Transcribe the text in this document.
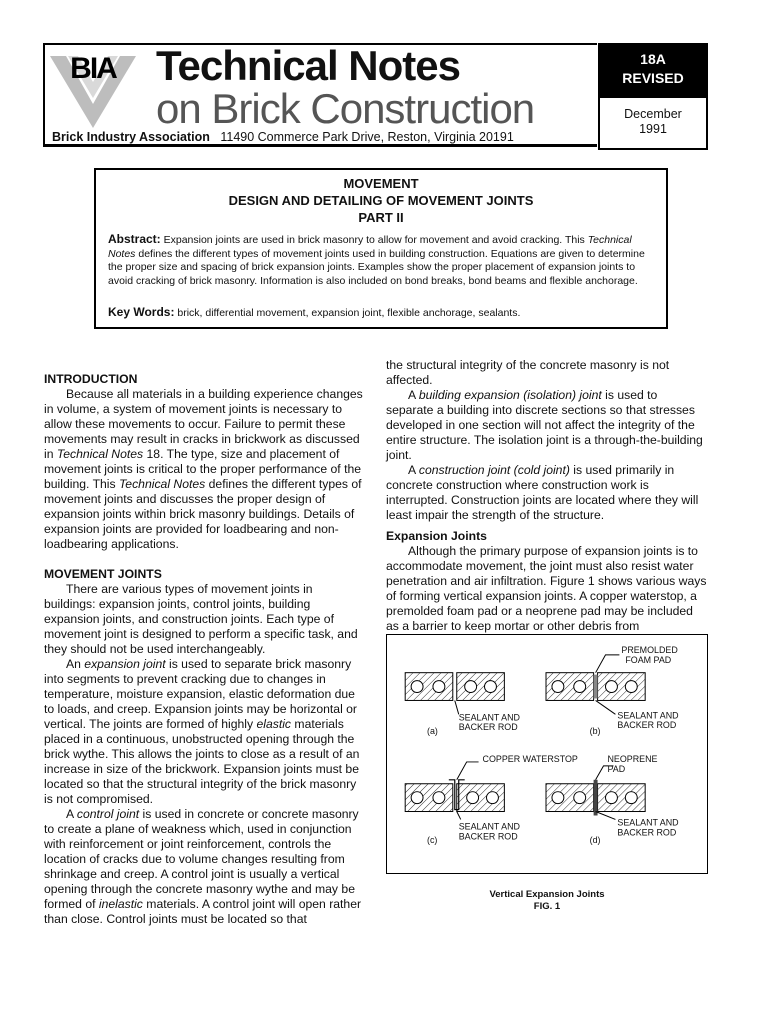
BIA Technical Notes
on Brick Construction
Brick Industry Association 11490 Commerce Park Drive, Reston, Virginia 20191
18A
REVISED
December
1991
MOVEMENT
DESIGN AND DETAILING OF MOVEMENT JOINTS
PART II
Abstract: Expansion joints are used in brick masonry to allow for movement and avoid cracking. This Technical Notes defines the different types of movement joints used in building construction. Equations are given to determine the proper size and spacing of brick expansion joints. Examples show the proper placement of expansion joints to avoid cracking of brick masonry. Information is also included on bond breaks, bond beams and flexible anchorage.
Key Words: brick, differential movement, expansion joint, flexible anchorage, sealants.
INTRODUCTION

Because all materials in a building experience changes in volume, a system of movement joints is necessary to allow these movements to occur. Failure to permit these movements may result in cracks in brickwork as discussed in Technical Notes 18. The type, size and placement of movement joints is critical to the proper performance of the building. This Technical Notes defines the different types of movement joints and discusses the proper design of expansion joints within brick masonry buildings. Details of expansion joints are provided for loadbearing and non-loadbearing applications.

MOVEMENT JOINTS

There are various types of movement joints in buildings: expansion joints, control joints, building expansion joints, and construction joints. Each type of movement joint is designed to perform a specific task, and they should not be used interchangeably.

An expansion joint is used to separate brick masonry into segments to prevent cracking due to changes in temperature, moisture expansion, elastic deformation due to loads, and creep. Expansion joints may be horizontal or vertical. The joints are formed of highly elastic materials placed in a continuous, unobstructed opening through the brick wythe. This allows the joints to close as a result of an increase in size of the brickwork. Expansion joints must be located so that the structural integrity of the brick masonry is not compromised.

A control joint is used in concrete or concrete masonry to create a plane of weakness which, used in conjunction with reinforcement or joint reinforcement, controls the location of cracks due to volume changes resulting from shrinkage and creep. A control joint is usually a vertical opening through the concrete masonry wythe and may be formed of inelastic materials. A control joint will open rather than close. Control joints must be located so that

the structural integrity of the concrete masonry is not affected.

A building expansion (isolation) joint is used to separate a building into discrete sections so that stresses developed in one section will not affect the integrity of the entire structure. The isolation joint is a through-the-building joint.

A construction joint (cold joint) is used primarily in concrete construction where construction work is interrupted. Construction joints are located where they will least impair the strength of the structure.

Expansion Joints

Although the primary purpose of expansion joints is to accommodate movement, the joint must also resist water penetration and air infiltration. Figure 1 shows various ways of forming vertical expansion joints. A copper waterstop, a premolded foam pad or a neoprene pad may be included as a barrier to keep mortar or other debris from

SEALANT AND
BACKER ROD
(a)
PREMOLDED
FOAM PAD
SEALANT AND
BACKER ROD
(b)
COPPER WATERSTOP
SEALANT AND
BACKER ROD
(c)
NEOPRENE
PAD
SEALANT AND
BACKER ROD
(d)
Vertical Expansion Joints
FIG. 1
